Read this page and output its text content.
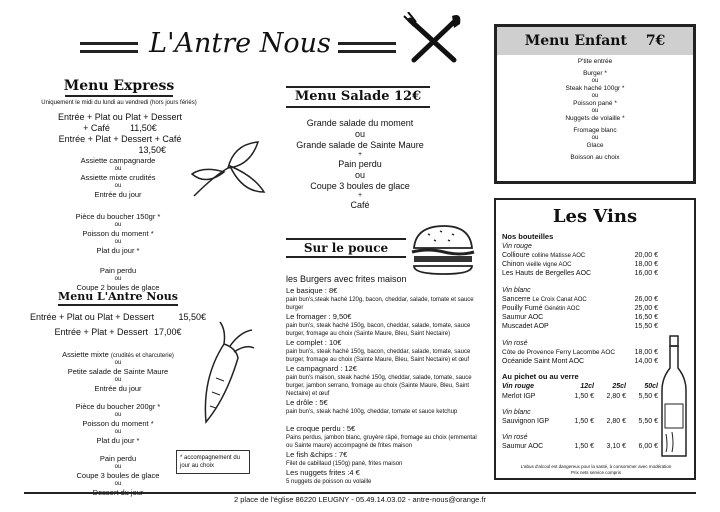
L'Antre Nous
Menu Express
Uniquement le midi du lundi au vendredi (hors jours fériés)
Entrée + Plat ou Plat + Dessert
+ Café 11,50€
Entrée + Plat + Dessert + Café
13,50€
Assiette campagnarde
ou
Assiette mixte crudités
ou
Entrée du jour
Pièce du boucher 150gr *
ou
Poisson du moment *
ou
Plat du jour *
Pain perdu
ou
Coupe 2 boules de glace
Menu L'Antre Nous
Entrée + Plat ou Plat + Dessert	15,50€
Entrée + Plat + Dessert 17,00€
Assiette mixte (crudités et charcuterie)
ou
Petite salade de Sainte Maure
ou
Entrée du jour
Pièce du boucher 200gr *
ou
Poisson du moment *
ou
Plat du jour *
Pain perdu
ou
Coupe 3 boules de glace
ou
* accompagnement du jour au choix
Menu Salade 12€
Grande salade du moment
ou
Grande salade de Sainte Maure
+
Pain perdu
ou
Coupe 3 boules de glace
+
Café
Sur le pouce
les Burgers avec frites maison
Le basique : 8€
pain bun's,steak haché 120g, bacon, cheddar, salade, tomate et sauce burger
Le fromager : 9,50€
pain bun's, steak haché 150g, bacon, cheddar, salade, tomate, sauce burger, fromage au choix (Sainte Maure, Bleu, Saint Nectaire)
Le complet : 10€
pain bun's, steak haché 150g, bacon, cheddar, salade, tomate, sauce burger, fromage au choix (Sainte Maure, Bleu, Saint Nectaire) et œuf
Le campagnard : 12€
pain bun's maison, steak haché 150g, cheddar, salade, tomate, sauce burger, jambon serrano, fromage au choix (Sainte Maure, Bleu, Saint Nectaire) et œuf
Le drôle : 5€
pain bun's, steak haché 100g, cheddar, tomate et sauce ketchup
Le croque perdu : 5€
Pains perdus, jambon blanc, gruyère râpé, fromage au choix (emmental ou Sainte maure) accompagné de frites maison
Le fish &chips : 7€
Filet de cabillaud (150g) pané, frites maison
Les nuggets frites :4 €
5 nuggets de poisson ou volaille
Menu Enfant 7€
P'tite entrée
Burger *
ou
Steak haché 100gr *
ou
Poisson pané *
ou
Nuggets de volaille *
Fromage blanc
ou
Glace
Boisson au choix
Les Vins
Nos bouteilles
Vin rouge
Collioure colline Matisse AOC	20,00 €
Chinon vieille vigne AOC	18,00 €
Les Hauts de Bergelles AOC	16,00 €
Vin blanc
Sancerre Le Croix Canat AOC	26,00 €
Pouilly Fumé Génétin AOC	25,00 €
Saumur AOC	16,50 €
Muscadet AOP	15,50 €
Vin rosé
Côte de Provence Ferry Lacombe AOC	18,00 €
Océanide Saint Mont AOC	14,00 €
Au pichet ou au verre
Vin rouge	12cl	25cl	50cl
Merlot IGP	1,50 €	2,80 €	5,50 €
Vin blanc
Sauvignon IGP	1,50 €	2,80 €	5,50 €
Vin rosé
Saumur AOC	1,50 €	3,10 €	6,00 €
L'abus d'alcool est dangereux pour la santé, à consommer avec modération
Prix nets service compris
2 place de l'église 86220 LEUGNY - 05.49.14.03.02 - antre-nous@orange.fr
